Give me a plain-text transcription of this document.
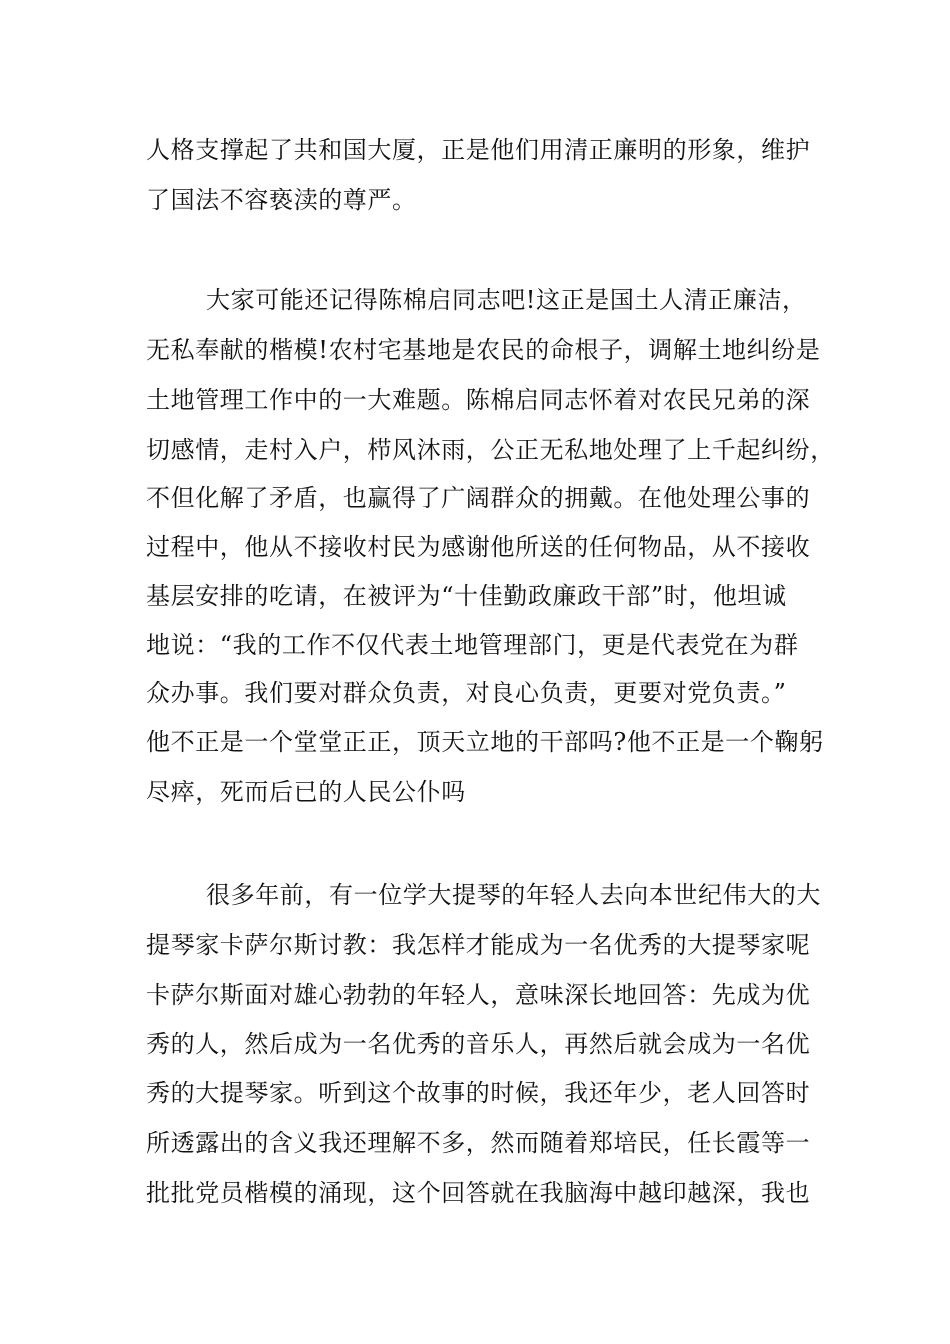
人格支撑起了共和国大厦，正是他们用清正廉明的形象，维护
了国法不容亵渎的尊严。
大家可能还记得陈棉启同志吧!这正是国土人清正廉洁，
无私奉献的楷模!农村宅基地是农民的命根子，调解土地纠纷是
土地管理工作中的一大难题。陈棉启同志怀着对农民兄弟的深
切感情，走村入户，栉风沐雨，公正无私地处理了上千起纠纷，
不但化解了矛盾，也赢得了广阔群众的拥戴。在他处理公事的
过程中，他从不接收村民为感谢他所送的任何物品，从不接收
基层安排的吃请，在被评为“十佳勤政廉政干部”时，他坦诚
地说：“我的工作不仅代表土地管理部门，更是代表党在为群
众办事。我们要对群众负责，对良心负责，更要对党负责。”
他不正是一个堂堂正正，顶天立地的干部吗?他不正是一个鞠躬
尽瘁，死而后已的人民公仆吗
很多年前，有一位学大提琴的年轻人去向本世纪伟大的大
提琴家卡萨尔斯讨教：我怎样才能成为一名优秀的大提琴家呢
卡萨尔斯面对雄心勃勃的年轻人，意味深长地回答：先成为优
秀的人，然后成为一名优秀的音乐人，再然后就会成为一名优
秀的大提琴家。听到这个故事的时候，我还年少，老人回答时
所透露出的含义我还理解不多，然而随着郑培民，任长霞等一
批批党员楷模的涌现，这个回答就在我脑海中越印越深，我也
